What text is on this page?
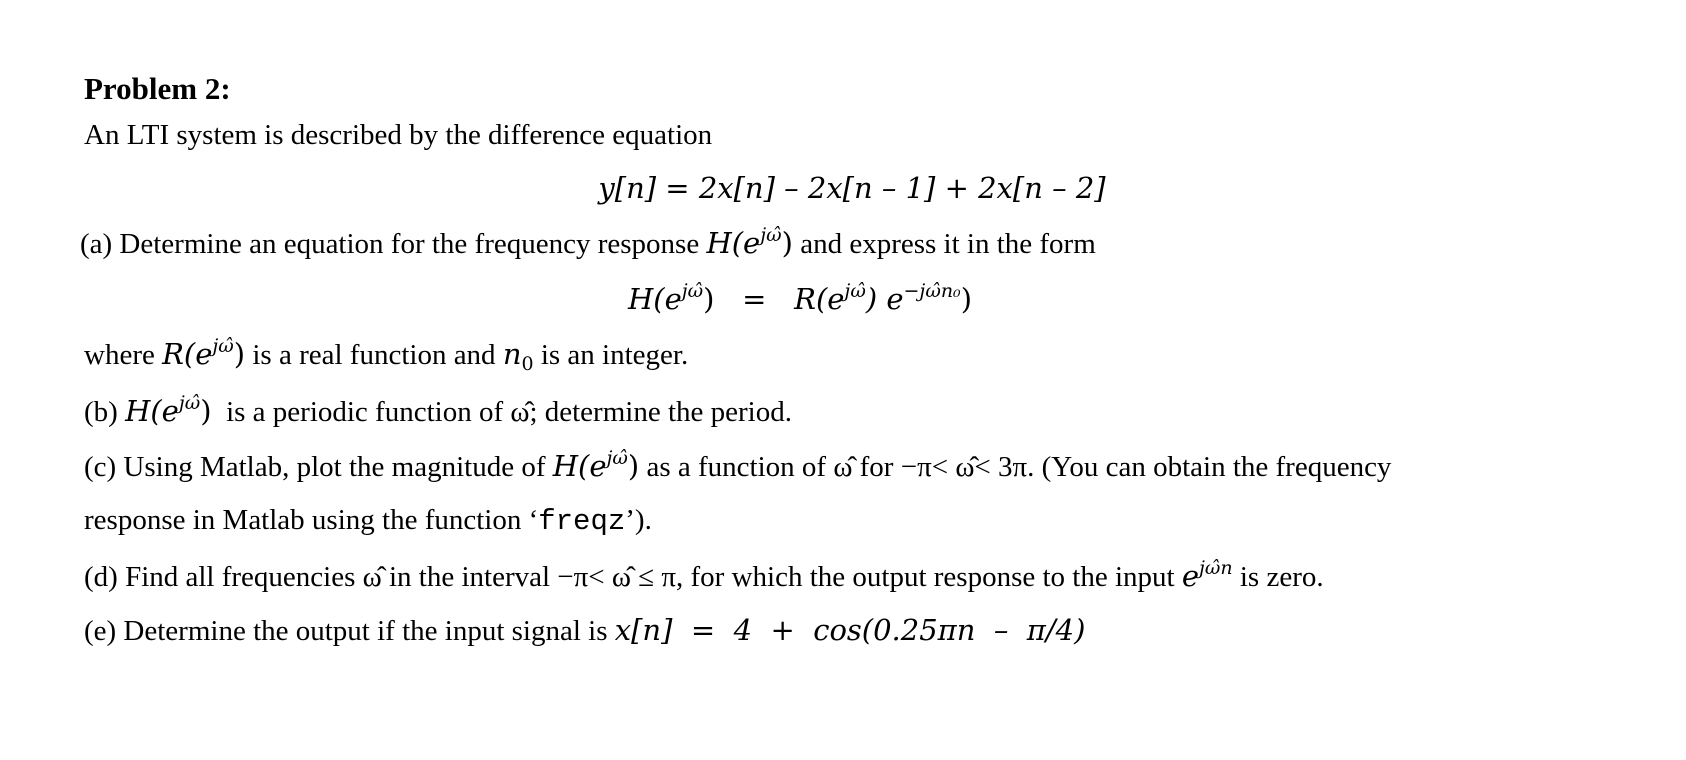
Problem 2:
An LTI system is described by the difference equation
y[n] = 2x[n] – 2x[n – 1] + 2x[n – 2]
(a) Determine an equation for the frequency response $H(e^{j\omegâ})$ and express it in the form
$H(e^{j\omegâ}) = R(e^{j\omegâ})$ $e^{-j\omegân_0}$)
where $R(e^{j\omegâ})$ is a real function and $n_0$ is an integer.
(b) $H(e^{j\omegâ})$  is a periodic function of ω̂; determine the period.
(c) Using Matlab, plot the magnitude of $H(e^{j\omegâ})$ as a function of ω̂ for −π< ω̂< 3π. (You can obtain the frequency
response in Matlab using the function ‘freqz’).
(d) Find all frequencies ω̂ in the interval −π< ω̂ ≤ π, for which the output response to the input $e^{j\omegân}$ is zero.
(e) Determine the output if the input signal is x[n]  =  4  +  cos(0.25πn  –  π/4)
